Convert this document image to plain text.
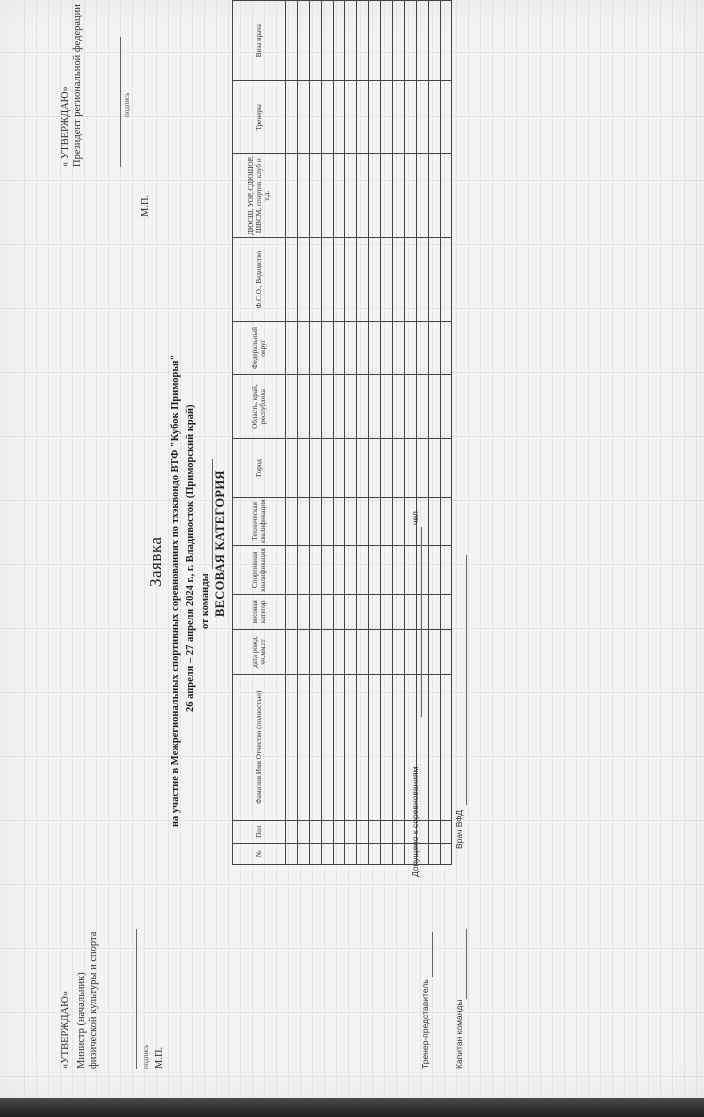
«УТВЕРЖДАЮ» Министр (начальник) физической культуры и спорта	подпись М.П.
« УТВЕРЖДАЮ» Президент региональной федерации	подпись
М.П.
Заявка на участие в Межрегиональных спортивных соревнованиях по тхэквондо ВТФ "Кубок Приморья" 26 апреля – 27 апреля 2024 г., г. Владивосток (Приморский край) от команды ВЕСОВАЯ КАТЕГОРИЯ
№	Пол	Фамилия Имя Отчество (полностью)	дата рожд. чч.мм.гг	весовая категор	Спортивная квалификация	Техническая квалификация	Город	Область, край, республика	Федеральный округ	Ф.С.О., Ведомство	ДЮСШ, УОР, СДЮШОР, ШВСМ, спортив. клуб и т.д.	Тренеры	Виза врача

Тренер-представитель
Допущено к соревнованиям
чел
Капитан команды
Врач ВФД
